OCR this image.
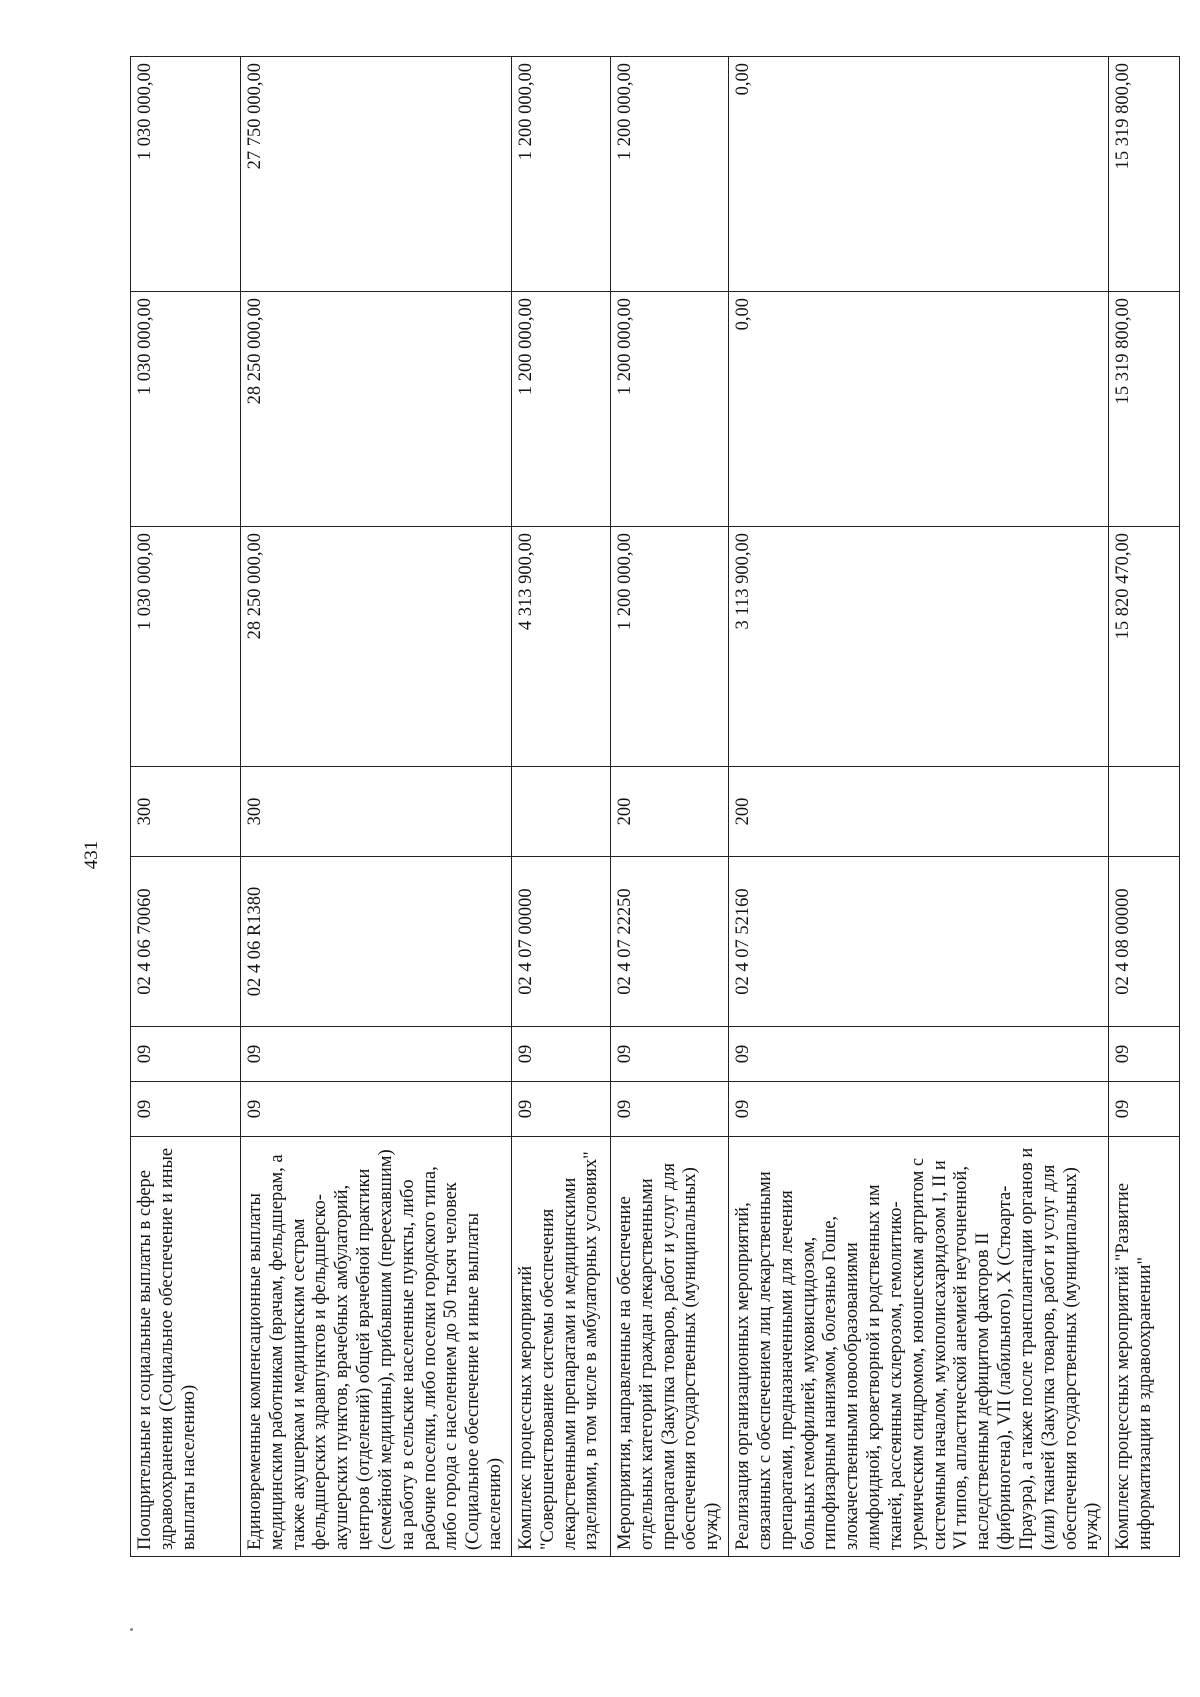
431
Поощрительные и социальные выплаты в сфере здравоохранения (Социальное обеспечение и иные выплаты населению)	09	09	02 4 06 70060	300	1 030 000,00	1 030 000,00	1 030 000,00
Единовременные компенсационные выплаты медицинским работникам (врачам, фельдшерам, а также акушеркам и медицинским сестрам фельдшерских здравпунктов и фельдшерско-акушерских пунктов, врачебных амбулаторий, центров (отделений) общей врачебной практики (семейной медицины), прибывшим (переехавшим) на работу в сельские населенные пункты, либо рабочие поселки, либо поселки городского типа, либо города с населением до 50 тысяч человек (Социальное обеспечение и иные выплаты населению)	09	09	02 4 06 R1380	300	28 250 000,00	28 250 000,00	27 750 000,00
Комплекс процессных мероприятий "Совершенствование системы обеспечения лекарственными препаратами и медицинскими изделиями, в том числе в амбулаторных условиях"	09	09	02 4 07 00000		4 313 900,00	1 200 000,00	1 200 000,00
Мероприятия, направленные на обеспечение отдельных категорий граждан лекарственными препаратами (Закупка товаров, работ и услуг для обеспечения государственных (муниципальных) нужд)	09	09	02 4 07 22250	200	1 200 000,00	1 200 000,00	1 200 000,00
Реализация организационных мероприятий, связанных с обеспечением лиц лекарственными препаратами, предназначенными для лечения больных гемофилией, муковисцидозом, гипофизарным нанизмом, болезнью Гоше, злокачественными новообразованиями лимфоидной, кроветворной и родственных им тканей, рассеянным склерозом, гемолитико-уремическим синдромом, юношеским артритом с системным началом, мукополисахаридозом I, II и VI типов, апластической анемией неуточненной, наследственным дефицитом факторов II (фибриногена), VII (лабильного), X (Стюарта-Прауэра), а также после трансплантации органов и (или) тканей (Закупка товаров, работ и услуг для обеспечения государственных (муниципальных) нужд)	09	09	02 4 07 52160	200	3 113 900,00	0,00	0,00
Комплекс процессных мероприятий "Развитие информатизации в здравоохранении"	09	09	02 4 08 00000		15 820 470,00	15 319 800,00	15 319 800,00
